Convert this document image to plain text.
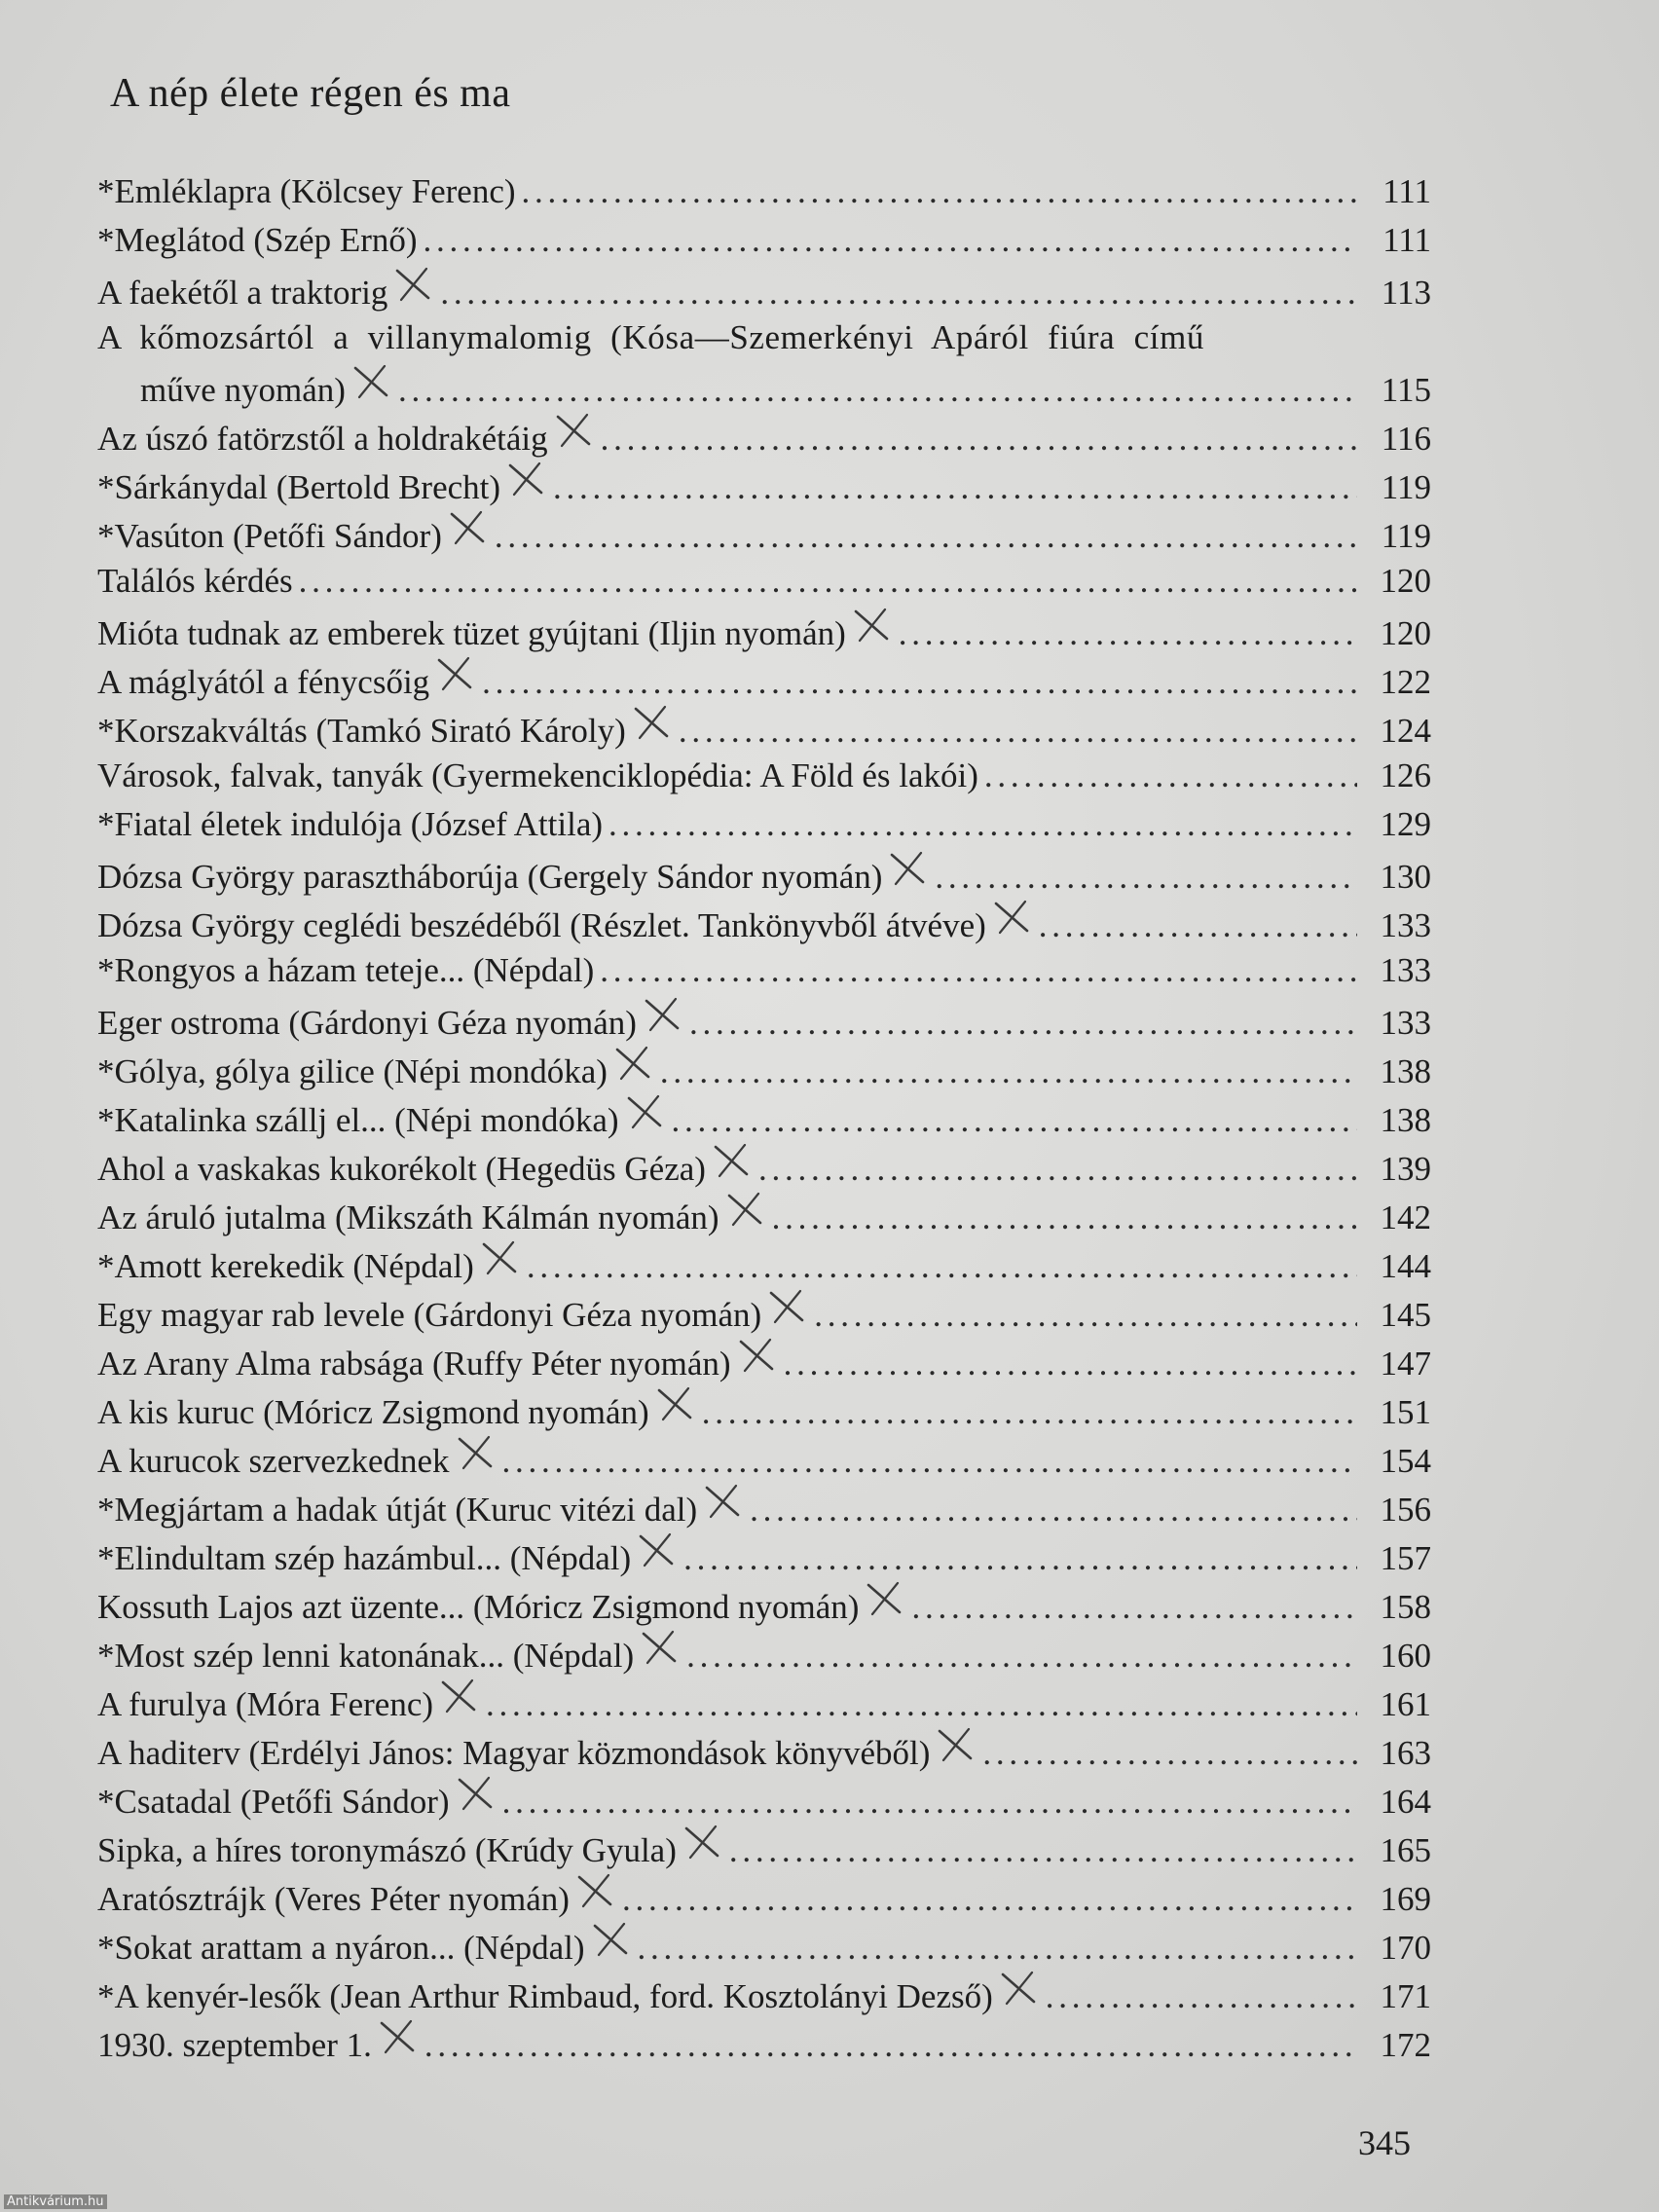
A nép élete régen és ma
*Emléklapra (Kölcsey Ferenc) . . .	111
*Meglátod (Szép Ernő) . . .	111
A faekétől a traktorig . . .	113
A kőmozsártól a villanymalomig (Kósa—Szemerkényi Apáról fiúra című
műve nyomán) . . .	115
Az úszó fatörzstől a holdrakétáig . . .	116
*Sárkánydal (Bertold Brecht) . . .	119
*Vasúton (Petőfi Sándor) . . .	119
Találós kérdés . . .	120
Mióta tudnak az emberek tüzet gyújtani (Iljin nyomán) . . .	120
A máglyától a fénycsőig . . .	122
*Korszakváltás (Tamkó Sirató Károly) . . .	124
Városok, falvak, tanyák (Gyermekenciklopédia: A Föld és lakói) . . .	126
*Fiatal életek indulója (József Attila) . . .	129
Dózsa György parasztháborúja (Gergely Sándor nyomán) . . .	130
Dózsa György ceglédi beszédéből (Részlet. Tankönyvből átvéve) . . .	133
*Rongyos a házam teteje... (Népdal) . . .	133
Eger ostroma (Gárdonyi Géza nyomán) . . .	133
*Gólya, gólya gilice (Népi mondóka) . . .	138
*Katalinka szállj el... (Népi mondóka) . . .	138
Ahol a vaskakas kukorékolt (Hegedüs Géza) . . .	139
Az áruló jutalma (Mikszáth Kálmán nyomán) . . .	142
*Amott kerekedik (Népdal) . . .	144
Egy magyar rab levele (Gárdonyi Géza nyomán) . . .	145
Az Arany Alma rabsága (Ruffy Péter nyomán) . . .	147
A kis kuruc (Móricz Zsigmond nyomán) . . .	151
A kurucok szervezkednek . . .	154
*Megjártam a hadak útját (Kuruc vitézi dal) . . .	156
*Elindultam szép hazámbul... (Népdal) . . .	157
Kossuth Lajos azt üzente... (Móricz Zsigmond nyomán) . . .	158
*Most szép lenni katonának... (Népdal) . . .	160
A furulya (Móra Ferenc) . . .	161
A haditerv (Erdélyi János: Magyar közmondások könyvéből) . . .	163
*Csatadal (Petőfi Sándor) . . .	164
Sipka, a híres toronymászó (Krúdy Gyula) . . .	165
Aratósztrájk (Veres Péter nyomán) . . .	169
*Sokat arattam a nyáron... (Népdal) . . .	170
*A kenyér-lesők (Jean Arthur Rimbaud, ford. Kosztolányi Dezső) . . .	171
1930. szeptember 1. . . .	172
345
Antikvárium.hu
